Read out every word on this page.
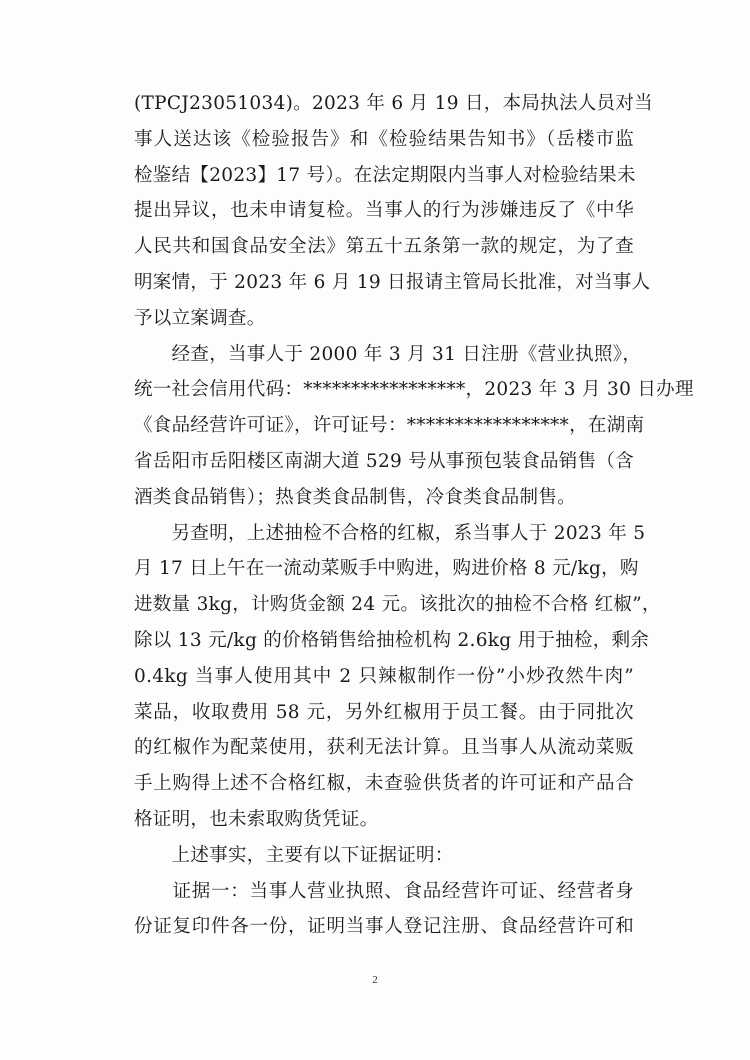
(TPCJ23051034)。2023 年 6 月 19 日，本局执法人员对当
事人送达该《检验报告》和《检验结果告知书》（岳楼市监
检鉴结【2023】17 号）。在法定期限内当事人对检验结果未
提出异议，也未申请复检。当事人的行为涉嫌违反了《中华
人民共和国食品安全法》第五十五条第一款的规定，为了查
明案情，于 2023 年 6 月 19 日报请主管局长批准，对当事人
予以立案调查。
　　经查，当事人于 2000 年 3 月 31 日注册《营业执照》，
统一社会信用代码：*****************，2023 年 3 月 30 日办理
《食品经营许可证》，许可证号：*****************，在湖南
省岳阳市岳阳楼区南湖大道 529 号从事预包装食品销售（含
酒类食品销售）；热食类食品制售，冷食类食品制售。
　　另查明，上述抽检不合格的红椒，系当事人于 2023 年 5
月 17 日上午在一流动菜贩手中购进，购进价格 8 元/kg，购
进数量 3kg，计购货金额 24 元。该批次的抽检不合格 红椒”，
除以 13 元/kg 的价格销售给抽检机构 2.6kg 用于抽检，剩余
0.4kg 当事人使用其中 2 只辣椒制作一份”小炒孜然牛肉”
菜品，收取费用 58 元，另外红椒用于员工餐。由于同批次
的红椒作为配菜使用，获利无法计算。且当事人从流动菜贩
手上购得上述不合格红椒，未查验供货者的许可证和产品合
格证明，也未索取购货凭证。
　　上述事实，主要有以下证据证明：
　　证据一：当事人营业执照、食品经营许可证、经营者身
份证复印件各一份，证明当事人登记注册、食品经营许可和
2
